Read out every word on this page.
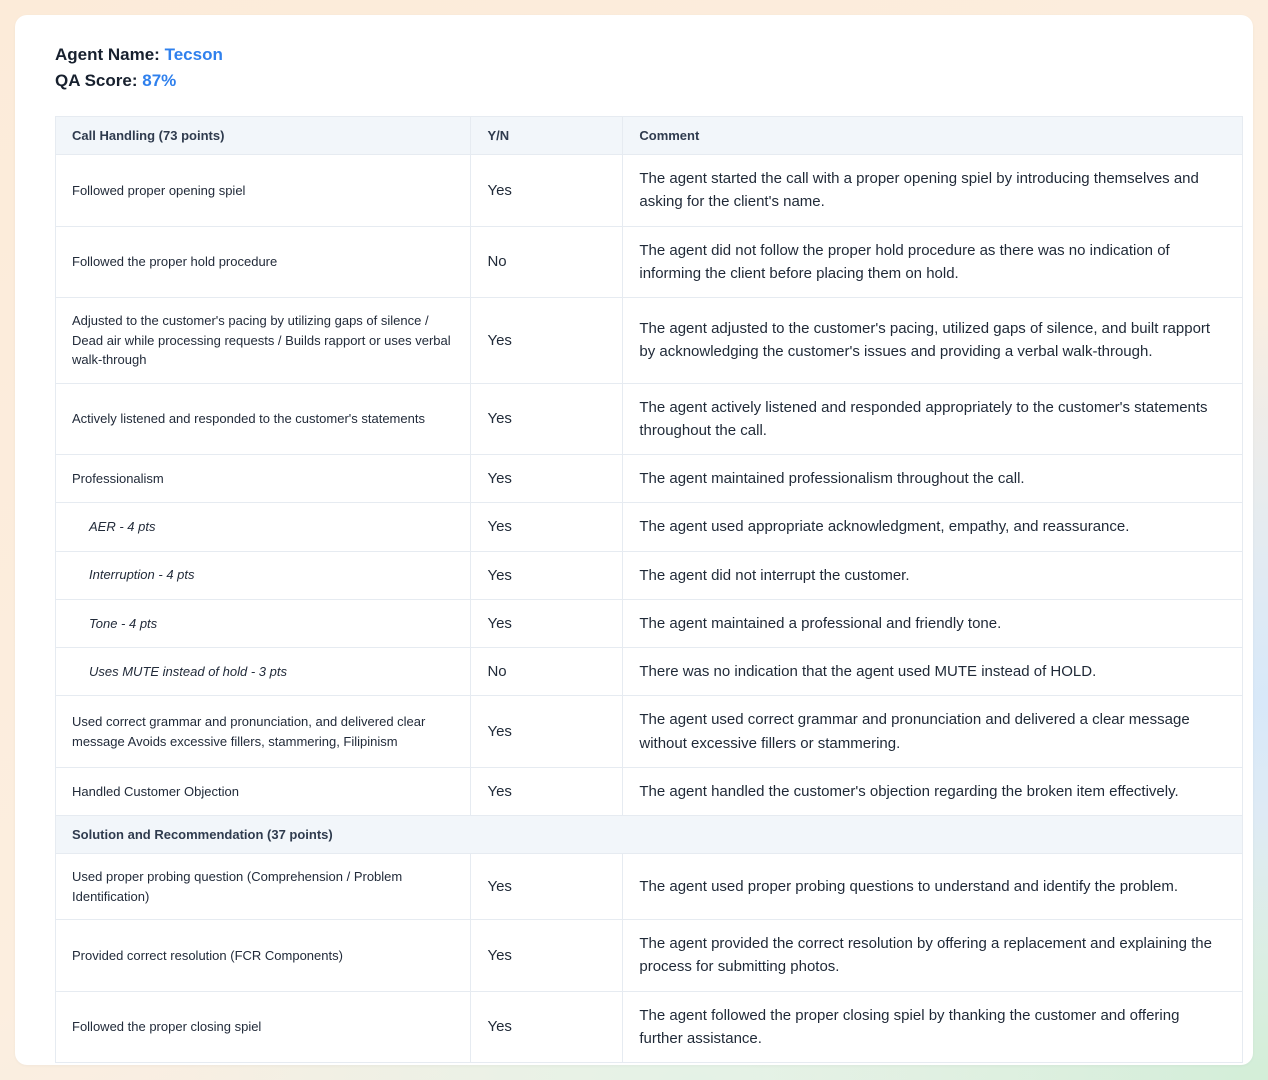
Agent Name: Tecson
QA Score: 87%
Call Handling (73 points)	Y/N	Comment
Followed proper opening spiel	Yes	The agent started the call with a proper opening spiel by introducing themselves and asking for the client's name.
Followed the proper hold procedure	No	The agent did not follow the proper hold procedure as there was no indication of informing the client before placing them on hold.
Adjusted to the customer's pacing by utilizing gaps of silence / Dead air while processing requests / Builds rapport or uses verbal walk-through	Yes	The agent adjusted to the customer's pacing, utilized gaps of silence, and built rapport by acknowledging the customer's issues and providing a verbal walk-through.
Actively listened and responded to the customer's statements	Yes	The agent actively listened and responded appropriately to the customer's statements throughout the call.
Professionalism	Yes	The agent maintained professionalism throughout the call.
AER - 4 pts	Yes	The agent used appropriate acknowledgment, empathy, and reassurance.
Interruption - 4 pts	Yes	The agent did not interrupt the customer.
Tone - 4 pts	Yes	The agent maintained a professional and friendly tone.
Uses MUTE instead of hold - 3 pts	No	There was no indication that the agent used MUTE instead of HOLD.
Used correct grammar and pronunciation, and delivered clear message Avoids excessive fillers, stammering, Filipinism	Yes	The agent used correct grammar and pronunciation and delivered a clear message without excessive fillers or stammering.
Handled Customer Objection	Yes	The agent handled the customer's objection regarding the broken item effectively.
Solution and Recommendation (37 points)		
Used proper probing question (Comprehension / Problem Identification)	Yes	The agent used proper probing questions to understand and identify the problem.
Provided correct resolution (FCR Components)	Yes	The agent provided the correct resolution by offering a replacement and explaining the process for submitting photos.
Followed the proper closing spiel	Yes	The agent followed the proper closing spiel by thanking the customer and offering further assistance.
